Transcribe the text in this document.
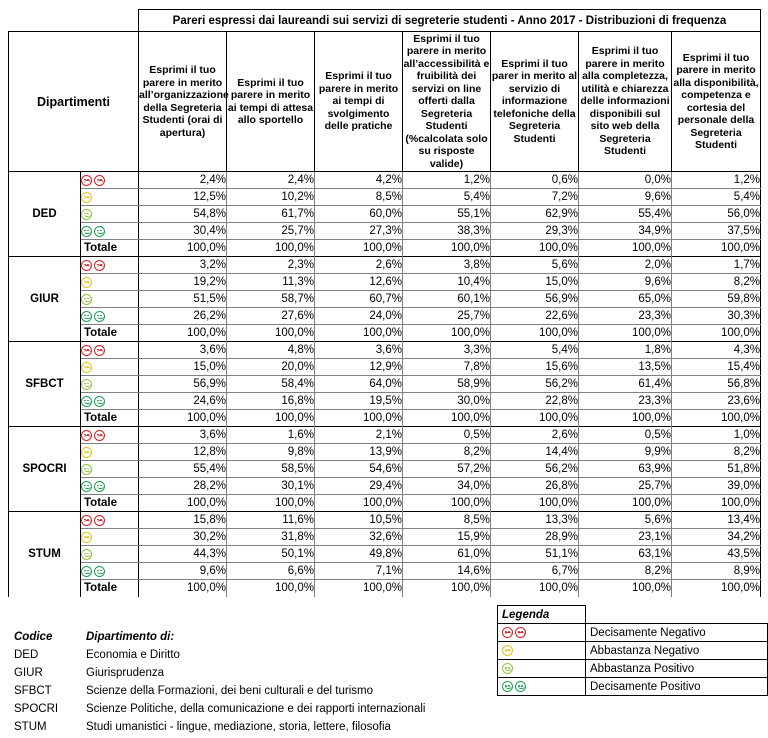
		Pareri espressi dai laureandi sui servizi di segreterie studenti - Anno 2017 - Distribuzioni di frequenza						
Dipartimenti		Esprimi il tuo parere in merito all’organizzazione della Segreteria Studenti (orai di apertura)	Esprimi il tuo parere in merito ai tempi di attesa allo sportello	Esprimi il tuo parere in merito ai tempi di svolgimento delle pratiche	Esprimi il tuo parere in merito all’accessibilità e fruibilità dei servizi on line offerti dalla Segreteria Studenti (%calcolata solo su risposte valide)	Esprimi il tuo parer in merito al servizio di informazione telefoniche della Segreteria Studenti	Esprimi il tuo parere in merito alla completezza, utilità e chiarezza delle informazioni disponibili sul sito web della Segreteria Studenti	Esprimi il tuo parere in merito alla disponibilità, competenza e cortesia del personale della Segreteria Studenti
DED		2,4%	2,4%	4,2%	1,2%	0,6%	0,0%	1,2%

		12,5%	10,2%	8,5%	5,4%	7,2%	9,6%	5,4%

		54,8%	61,7%	60,0%	55,1%	62,9%	55,4%	56,0%

		30,4%	25,7%	27,3%	38,3%	29,3%	34,9%	37,5%
	Totale	100,0%	100,0%	100,0%	100,0%	100,0%	100,0%	100,0%
GIUR		3,2%	2,3%	2,6%	3,8%	5,6%	2,0%	1,7%

		19,2%	11,3%	12,6%	10,4%	15,0%	9,6%	8,2%

		51,5%	58,7%	60,7%	60,1%	56,9%	65,0%	59,8%

		26,2%	27,6%	24,0%	25,7%	22,6%	23,3%	30,3%
	Totale	100,0%	100,0%	100,0%	100,0%	100,0%	100,0%	100,0%
SFBCT		3,6%	4,8%	3,6%	3,3%	5,4%	1,8%	4,3%

		15,0%	20,0%	12,9%	7,8%	15,6%	13,5%	15,4%

		56,9%	58,4%	64,0%	58,9%	56,2%	61,4%	56,8%

		24,6%	16,8%	19,5%	30,0%	22,8%	23,3%	23,6%
	Totale	100,0%	100,0%	100,0%	100,0%	100,0%	100,0%	100,0%
SPOCRI		3,6%	1,6%	2,1%	0,5%	2,6%	0,5%	1,0%

		12,8%	9,8%	13,9%	8,2%	14,4%	9,9%	8,2%

		55,4%	58,5%	54,6%	57,2%	56,2%	63,9%	51,8%

		28,2%	30,1%	29,4%	34,0%	26,8%	25,7%	39,0%
	Totale	100,0%	100,0%	100,0%	100,0%	100,0%	100,0%	100,0%
STUM		15,8%	11,6%	10,5%	8,5%	13,3%	5,6%	13,4%

		30,2%	31,8%	32,6%	15,9%	28,9%	23,1%	34,2%

		44,3%	50,1%	49,8%	61,0%	51,1%	63,1%	43,5%

		9,6%	6,6%	7,1%	14,6%	6,7%	8,2%	8,9%
	Totale	100,0%	100,0%	100,0%	100,0%	100,0%	100,0%	100,0%
Codice	Dipartimento di:
DED	Economia e Diritto
GIUR	Giurisprudenza
SFBCT	Scienze della Formazioni, dei beni culturali e del turismo
SPOCRI	Scienze Politiche, della comunicazione e dei rapporti internazionali
STUM	Studi umanistici - lingue, mediazione, storia, lettere, filosofia
Legenda	

	Decisamente Negativo

	Abbastanza Negativo

	Abbastanza Positivo

	Decisamente Positivo
